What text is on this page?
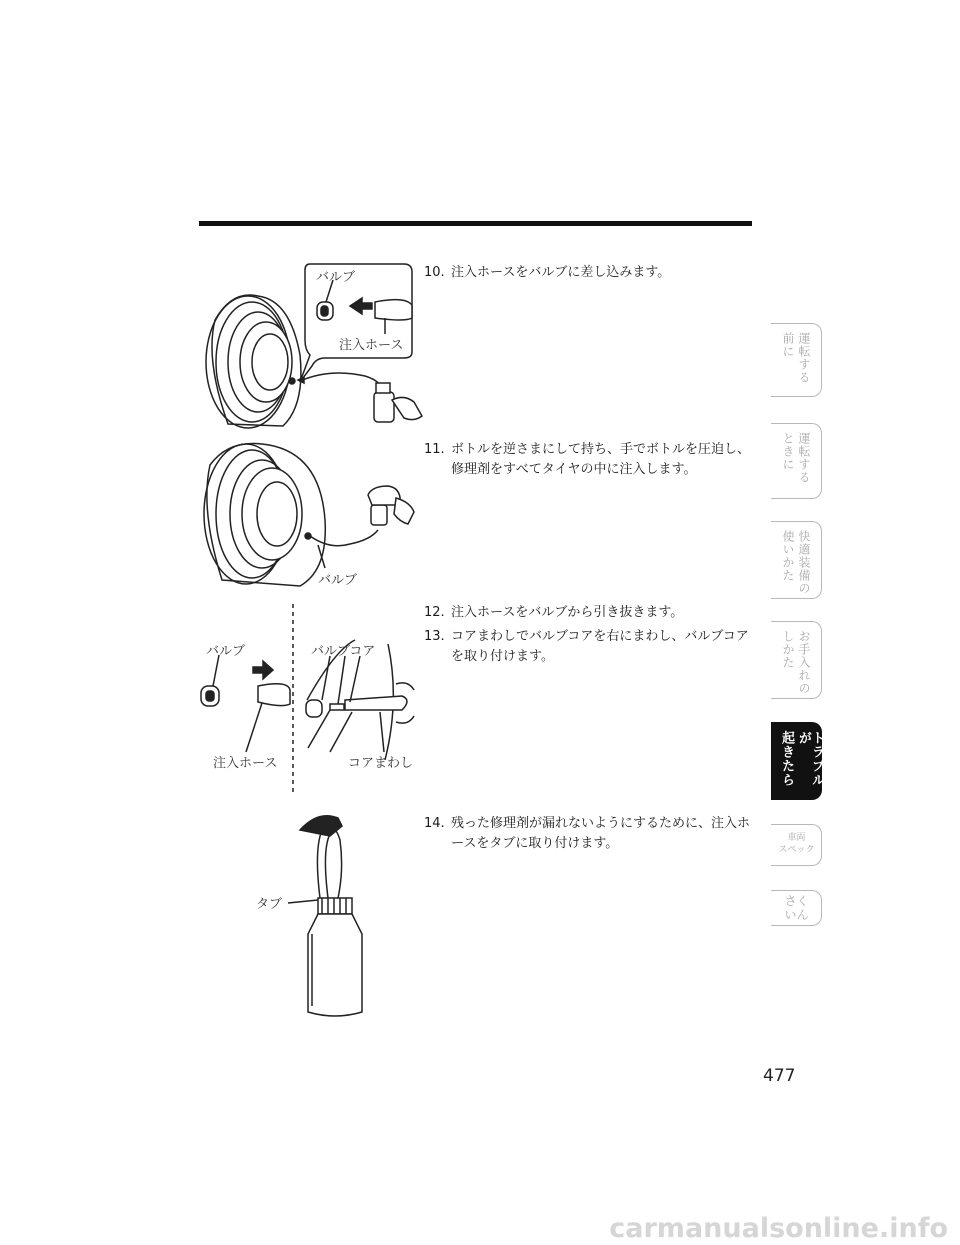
バルブ
注入ホース
バルブ
バルブ	バルブコア
注入ホース	コアまわし
タブ
10. 注入ホースをバルブに差し込みます。
11. ボトルを逆さまにして持ち、手でボトルを圧迫し、修理剤をすべてタイヤの中に注入します。
12. 注入ホースをバルブから引き抜きます。
13. コアまわしでバルブコアを右にまわし、バルブコアを取り付けます。
14. 残った修理剤が漏れないようにするために、注入ホースをタブに取り付けます。
運転する
前に
運転する
ときに
快適装備の
使いかた
お手入れの
しかた
トラブルが
起きたら
車両
スペック
さく
いん
477
carmanualsonline.info
